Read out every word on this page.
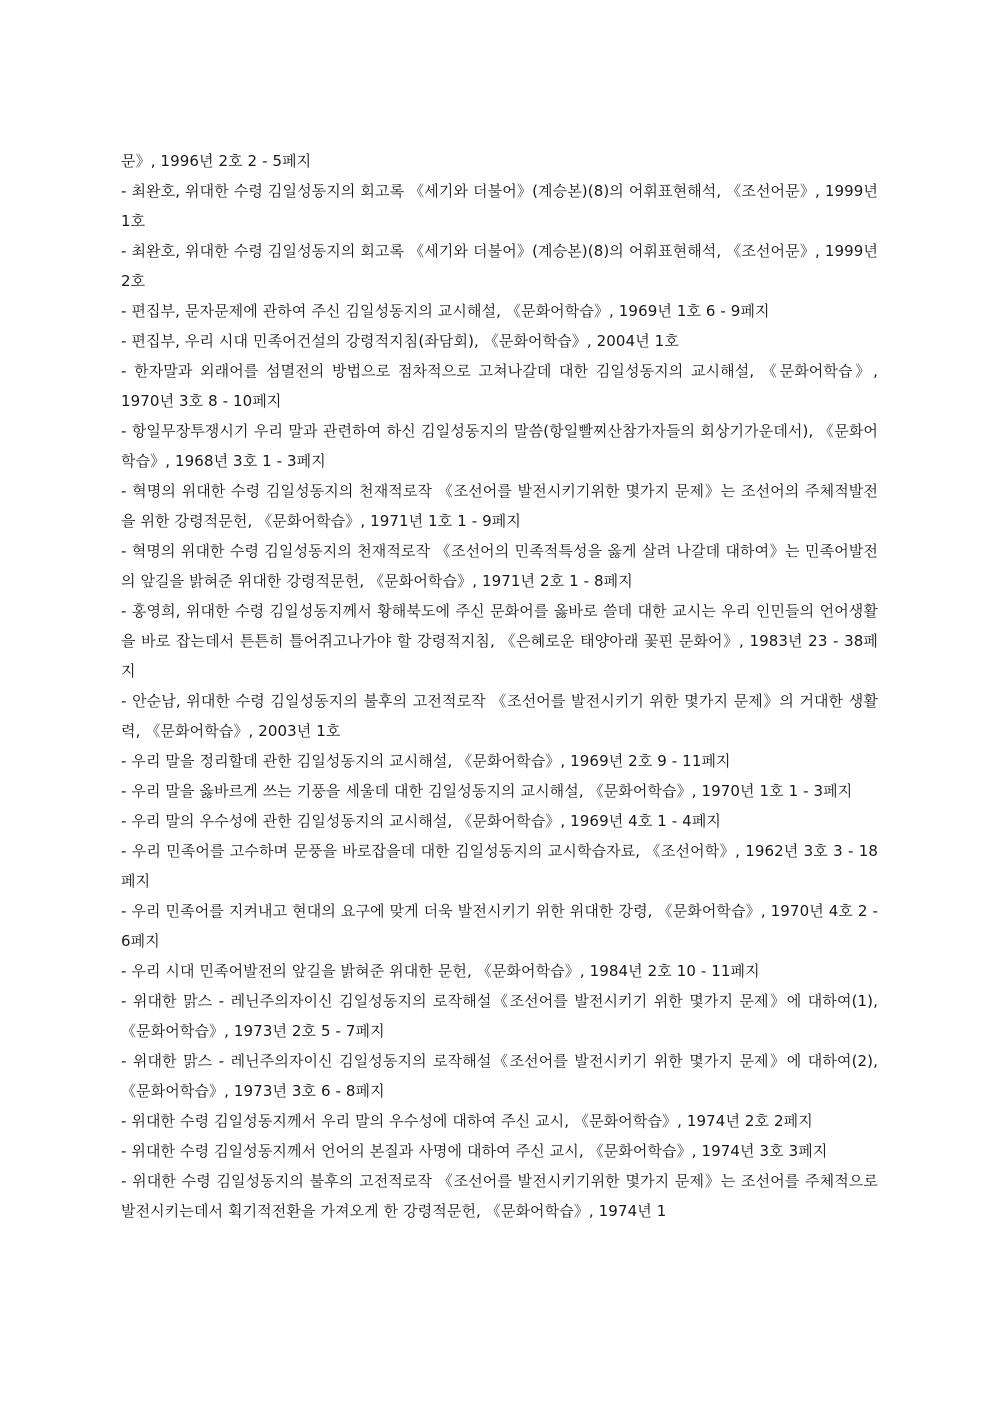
문》, 1996년 2호 2 - 5페지

- 최완호, 위대한 수령 김일성동지의 회고록 《세기와 더불어》(계승본)(8)의 어휘표현해석, 《조선어문》, 1999년 1호

- 최완호, 위대한 수령 김일성동지의 회고록 《세기와 더불어》(계승본)(8)의 어휘표현해석, 《조선어문》, 1999년 2호

- 편집부, 문자문제에 관하여 주신 김일성동지의 교시해설, 《문화어학습》, 1969년 1호 6 - 9페지

- 편집부, 우리 시대 민족어건설의 강령적지침(좌담회), 《문화어학습》, 2004년 1호

- 한자말과 외래어를 섬멸전의 방법으로 점차적으로 고쳐나갈데 대한 김일성동지의 교시해설, 《문화어학습》, 1970년 3호 8 - 10페지

- 항일무장투쟁시기 우리 말과 관련하여 하신 김일성동지의 말씀(항일빨찌산참가자들의 회상기가운데서), 《문화어학습》, 1968년 3호 1 - 3페지

- 혁명의 위대한 수령 김일성동지의 천재적로작 《조선어를 발전시키기위한 몇가지 문제》는 조선어의 주체적발전을 위한 강령적문헌, 《문화어학습》, 1971년 1호 1 - 9페지

- 혁명의 위대한 수령 김일성동지의 천재적로작 《조선어의 민족적특성을 옳게 살려 나갈데 대하여》는 민족어발전의 앞길을 밝혀준 위대한 강령적문헌, 《문화어학습》, 1971년 2호 1 - 8페지

- 홍영희, 위대한 수령 김일성동지께서 황해북도에 주신 문화어를 옳바로 쓸데 대한 교시는 우리 인민들의 언어생활을 바로 잡는데서 튼튼히 틀어쥐고나가야 할 강령적지침, 《은혜로운 태양아래 꽃핀 문화어》, 1983년 23 - 38페지

- 안순남, 위대한 수령 김일성동지의 불후의 고전적로작 《조선어를 발전시키기 위한 몇가지 문제》의 거대한 생활력, 《문화어학습》, 2003년 1호

- 우리 말을 정리할데 관한 김일성동지의 교시해설, 《문화어학습》, 1969년 2호 9 - 11페지

- 우리 말을 옳바르게 쓰는 기풍을 세울데 대한 김일성동지의 교시해설, 《문화어학습》, 1970년 1호 1 - 3페지

- 우리 말의 우수성에 관한 김일성동지의 교시해설, 《문화어학습》, 1969년 4호 1 - 4페지

- 우리 민족어를 고수하며 문풍을 바로잡을데 대한 김일성동지의 교시학습자료, 《조선어학》, 1962년 3호 3 - 18페지

- 우리 민족어를 지켜내고 현대의 요구에 맞게 더욱 발전시키기 위한 위대한 강령, 《문화어학습》, 1970년 4호 2 - 6페지

- 우리 시대 민족어발전의 앞길을 밝혀준 위대한 문헌, 《문화어학습》, 1984년 2호 10 - 11페지

- 위대한 맑스 - 레닌주의자이신 김일성동지의 로작해설《조선어를 발전시키기 위한 몇가지 문제》에 대하여(1), 《문화어학습》, 1973년 2호 5 - 7페지

- 위대한 맑스 - 레닌주의자이신 김일성동지의 로작해설《조선어를 발전시키기 위한 몇가지 문제》에 대하여(2), 《문화어학습》, 1973년 3호 6 - 8페지

- 위대한 수령 김일성동지께서 우리 말의 우수성에 대하여 주신 교시, 《문화어학습》, 1974년 2호 2페지

- 위대한 수령 김일성동지께서 언어의 본질과 사명에 대하여 주신 교시, 《문화어학습》, 1974년 3호 3페지

- 위대한 수령 김일성동지의 불후의 고전적로작 《조선어를 발전시키기위한 몇가지 문제》는 조선어를 주체적으로 발전시키는데서 획기적전환을 가져오게 한 강령적문헌, 《문화어학습》, 1974년 1
